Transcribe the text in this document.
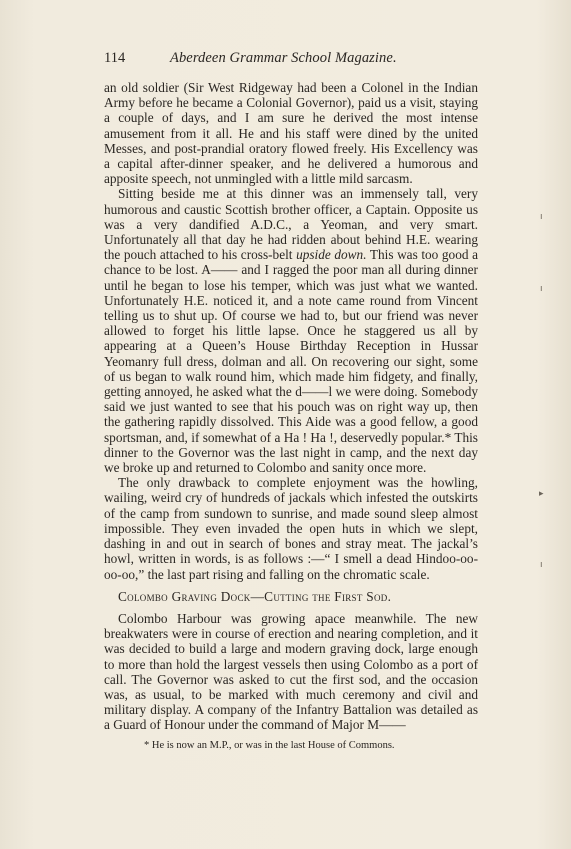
114	Aberdeen Grammar School Magazine.

an old soldier (Sir West Ridgeway had been a Colonel in the Indian Army before he became a Colonial Governor), paid us a visit, staying a couple of days, and I am sure he derived the most intense amusement from it all. He and his staff were dined by the united Messes, and post-prandial oratory flowed freely. His Excellency was a capital after-dinner speaker, and he delivered a humorous and apposite speech, not unmingled with a little mild sarcasm.

Sitting beside me at this dinner was an immensely tall, very humorous and caustic Scottish brother officer, a Captain. Opposite us was a very dandified A.D.C., a Yeoman, and very smart. Unfortunately all that day he had ridden about behind H.E. wearing the pouch attached to his cross-belt upside down. This was too good a chance to be lost. A—— and I ragged the poor man all during dinner until he began to lose his temper, which was just what we wanted. Unfortunately H.E. noticed it, and a note came round from Vincent telling us to shut up. Of course we had to, but our friend was never allowed to forget his little lapse. Once he staggered us all by appearing at a Queen’s House Birthday Reception in Hussar Yeomanry full dress, dolman and all. On recovering our sight, some of us began to walk round him, which made him fidgety, and finally, getting annoyed, he asked what the d——l we were doing. Somebody said we just wanted to see that his pouch was on right way up, then the gathering rapidly dissolved. This Aide was a good fellow, a good sportsman, and, if somewhat of a Ha ! Ha !, deservedly popular.* This dinner to the Governor was the last night in camp, and the next day we broke up and returned to Colombo and sanity once more.

The only drawback to complete enjoyment was the howling, wailing, weird cry of hundreds of jackals which infested the outskirts of the camp from sundown to sunrise, and made sound sleep almost impossible. They even invaded the open huts in which we slept, dashing in and out in search of bones and stray meat. The jackal’s howl, written in words, is as follows :—“ I smell a dead Hindoo-oo-oo-oo,” the last part rising and falling on the chromatic scale.

Colombo Graving Dock—Cutting the First Sod.

Colombo Harbour was growing apace meanwhile. The new breakwaters were in course of erection and nearing completion, and it was decided to build a large and modern graving dock, large enough to more than hold the largest vessels then using Colombo as a port of call. The Governor was asked to cut the first sod, and the occasion was, as usual, to be marked with much ceremony and civil and military display. A company of the Infantry Battalion was detailed as a Guard of Honour under the command of Major M——

* He is now an M.P., or was in the last House of Commons.
ı
ı
▸
ı
